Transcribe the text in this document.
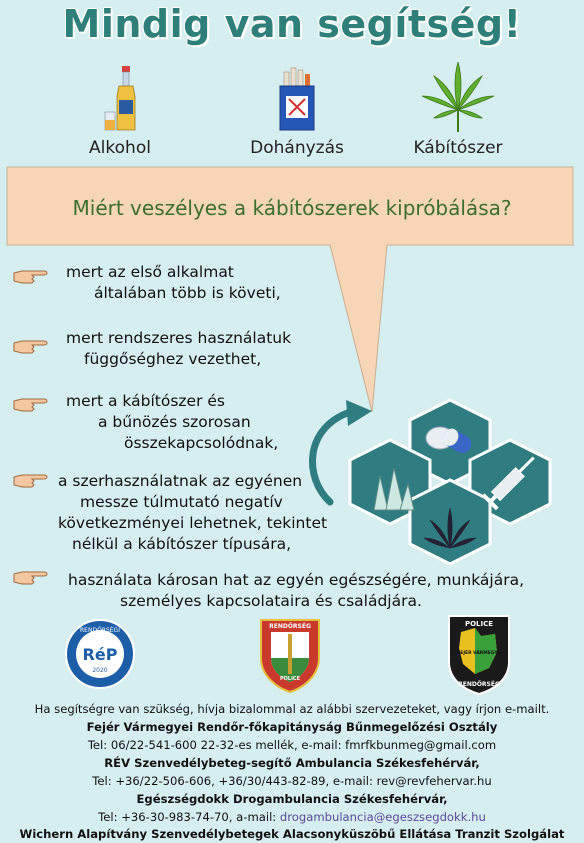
Mindig van segítség!
Alkohol	Dohányzás	Kábítószer
Miért veszélyes a kábítószerek kipróbálása?
mert az első alkalmat
általában több is követi,
mert rendszeres használatuk
függőséghez vezethet,
mert a kábítószer és
a bűnözés szorosan
összekapcsolódnak,
a szerhasználatnak az egyénen
messze túlmutató negatív
következményei lehetnek, tekintet
nélkül a kábítószer típusára,
használata károsan hat az egyén egészségére, munkájára,
személyes kapcsolataira és családjára.
RENDŐRSÉGI
RéP
2020
RENDŐRSÉG
POLICE
POLICE
FEJÉR VÁRMEGYE
RENDŐRSÉG
Ha segítségre van szükség, hívja bizalommal az alábbi szervezeteket, vagy írjon e-mailt.
Fejér Vármegyei Rendőr-főkapitányság Bűnmegelőzési Osztály
Tel: 06/22-541-600 22-32-es mellék, e-mail: fmrfkbunmeg@gmail.com
RÉV Szenvedélybeteg-segítő Ambulancia Székesfehérvár,
Tel: +36/22-506-606, +36/30/443-82-89, e-mail: rev@revfehervar.hu
Egészségdokk Drogambulancia Székesfehérvár,
Tel: +36-30-983-74-70, a-mail: drogambulancia@egeszsegdokk.hu
Wichern Alapítvány Szenvedélybetegek Alacsonyküszöbű Ellátása Tranzit Szolgálat
